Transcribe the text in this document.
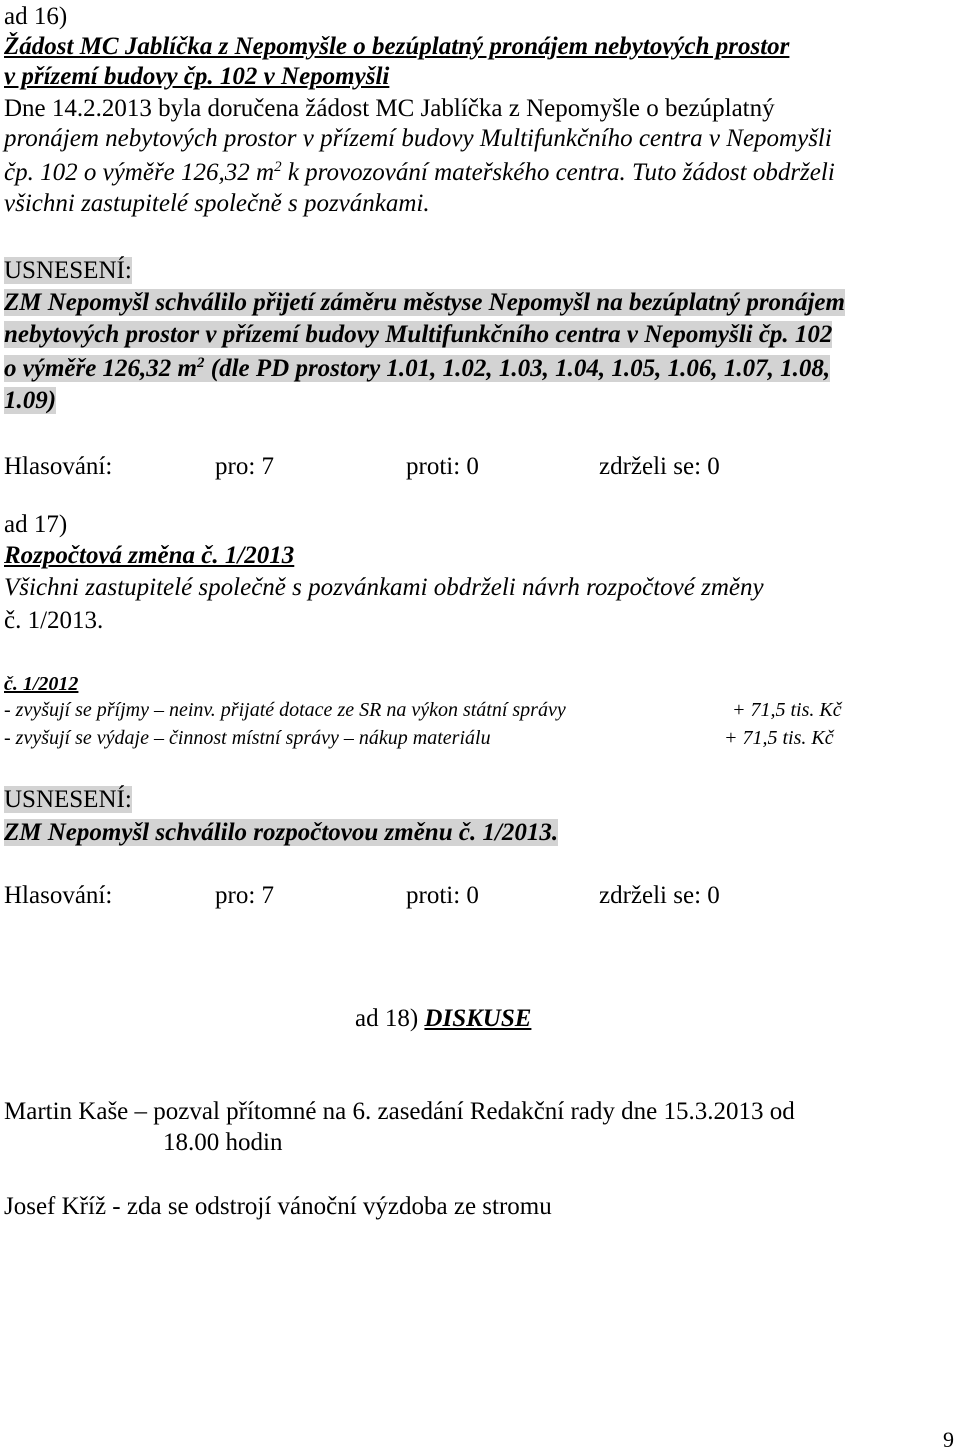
ad 16)
Žádost MC Jablíčka z Nepomyšle o bezúplatný pronájem nebytových prostor
v přízemí budovy čp. 102 v Nepomyšli
Dne 14.2.2013 byla doručena žádost MC Jablíčka z Nepomyšle o bezúplatný
pronájem nebytových prostor v přízemí budovy Multifunkčního centra v Nepomyšli
čp. 102 o výměře 126,32 $m^2$ k provozování mateřského centra. Tuto žádost obdrželi
všichni zastupitelé společně s pozvánkami.
USNESENÍ:
ZM Nepomyšl schválilo přijetí záměru městyse Nepomyšl na bezúplatný pronájem
nebytových prostor v přízemí budovy Multifunkčního centra v Nepomyšli čp. 102
o výměře 126,32 $m^2$ (dle PD prostory 1.01, 1.02, 1.03, 1.04, 1.05, 1.06, 1.07, 1.08,
1.09)
Hlasování:	pro: 7	proti: 0	zdrželi se: 0
ad 17)
Rozpočtová změna č. 1/2013
Všichni zastupitelé společně s pozvánkami obdrželi návrh rozpočtové změny
č. 1/2013.
č. 1/2012
- zvyšují se příjmy – neinv. přijaté dotace ze SR na výkon státní správy	+ 71,5 tis. Kč
- zvyšují se výdaje – činnost místní správy – nákup materiálu	+ 71,5 tis. Kč
USNESENÍ:
ZM Nepomyšl schválilo rozpočtovou změnu č. 1/2013.
Hlasování:	pro: 7	proti: 0	zdrželi se: 0
ad 18) DISKUSE
Martin Kaše – pozval přítomné na 6. zasedání Redakční rady dne 15.3.2013 od
18.00 hodin
Josef Kříž - zda se odstrojí vánoční výzdoba ze stromu
9
